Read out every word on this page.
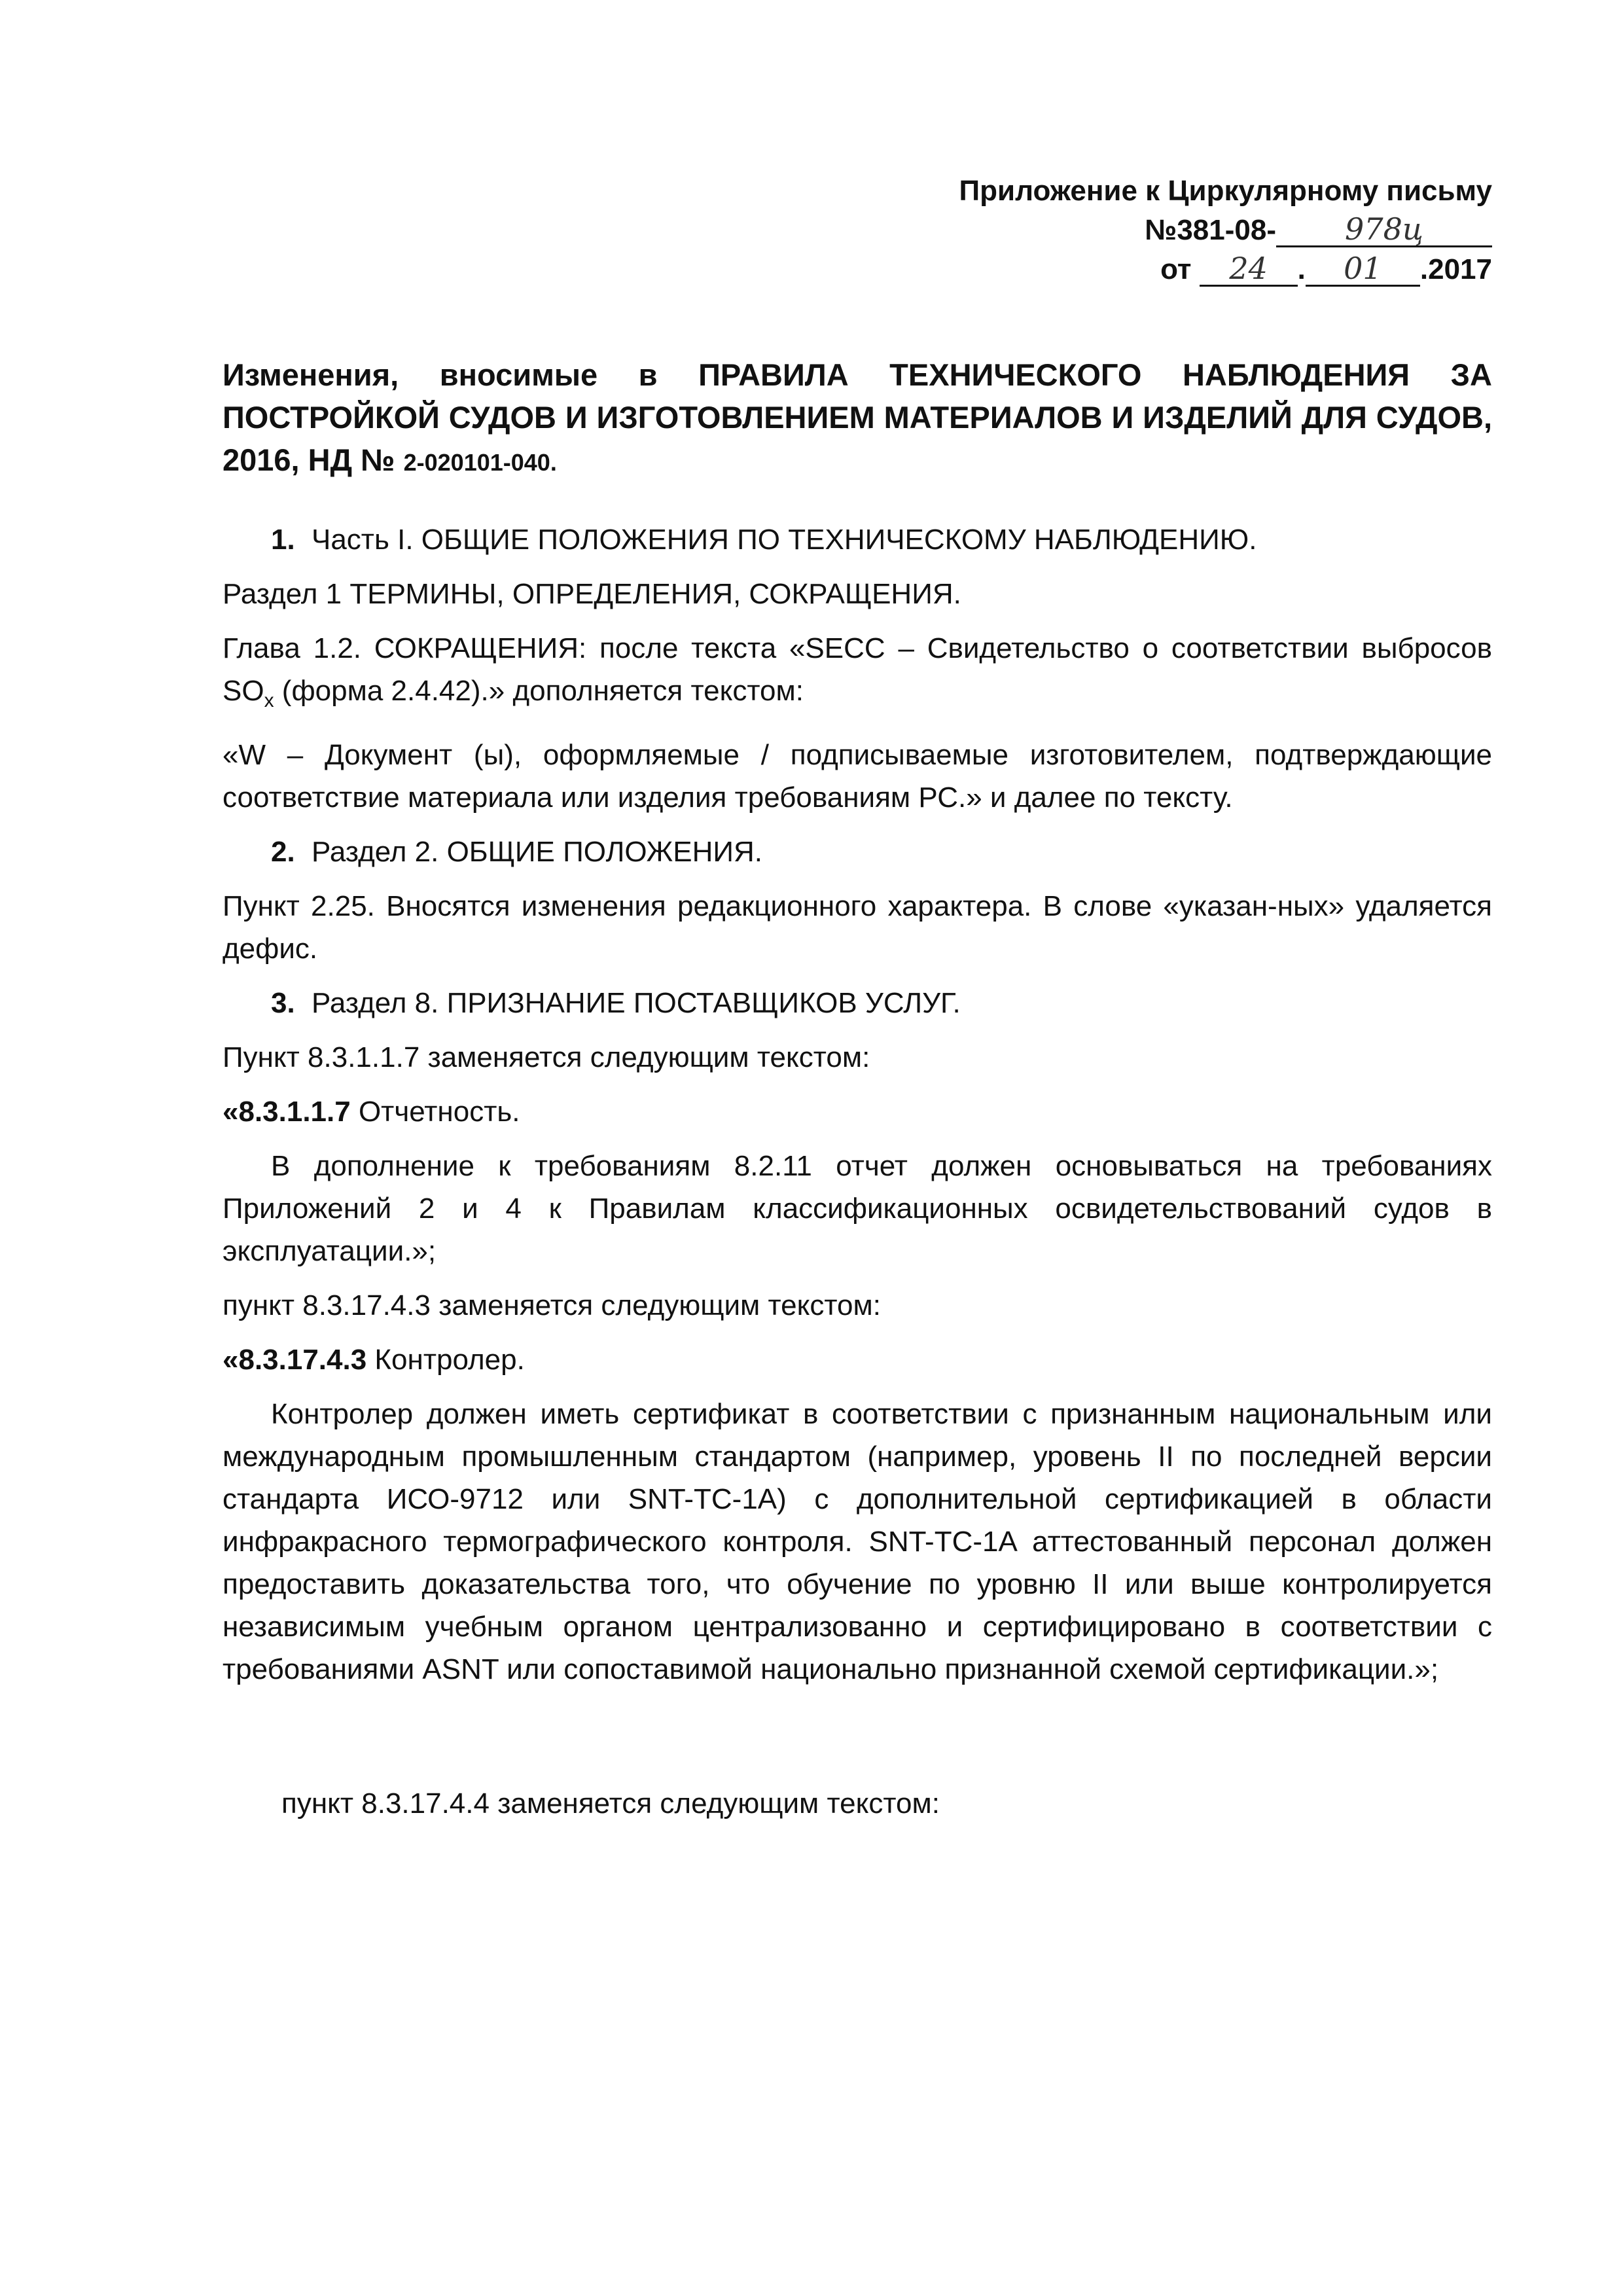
Приложение к Циркулярному письму
№381-08- 978ц
от 24 . 01 .2017

Изменения, вносимые в ПРАВИЛА ТЕХНИЧЕСКОГО НАБЛЮДЕНИЯ ЗА ПОСТРОЙКОЙ СУДОВ И ИЗГОТОВЛЕНИЕМ МАТЕРИАЛОВ И ИЗДЕЛИЙ ДЛЯ СУДОВ, 2016, НД № 2-020101-040.

1. Часть I. ОБЩИЕ ПОЛОЖЕНИЯ ПО ТЕХНИЧЕСКОМУ НАБЛЮДЕНИЮ.

Раздел 1 ТЕРМИНЫ, ОПРЕДЕЛЕНИЯ, СОКРАЩЕНИЯ.

Глава 1.2. СОКРАЩЕНИЯ: после текста «SECC – Свидетельство о соответствии выбросов $SO_x$ (форма 2.4.42).» дополняется текстом:

«W – Документ (ы), оформляемые / подписываемые изготовителем, подтверждающие соответствие материала или изделия требованиям РС.» и далее по тексту.

2. Раздел 2. ОБЩИЕ ПОЛОЖЕНИЯ.

Пункт 2.25. Вносятся изменения редакционного характера. В слове «указан-ных» удаляется дефис.

3. Раздел 8. ПРИЗНАНИЕ ПОСТАВЩИКОВ УСЛУГ.

Пункт 8.3.1.1.7 заменяется следующим текстом:

«8.3.1.1.7 Отчетность.

В дополнение к требованиям 8.2.11 отчет должен основываться на требованиях Приложений 2 и 4 к Правилам классификационных освидетельствований судов в эксплуатации.»;

пункт 8.3.17.4.3 заменяется следующим текстом:

«8.3.17.4.3 Контролер.

Контролер должен иметь сертификат в соответствии с признанным национальным или международным промышленным стандартом (например, уровень II по последней версии стандарта ИСО-9712 или SNT-TC-1A) с дополнительной сертификацией в области инфракрасного термографического контроля. SNT-TC-1A аттестованный персонал должен предоставить доказательства того, что обучение по уровню II или выше контролируется независимым учебным органом централизованно и сертифицировано в соответствии с требованиями ASNT или сопоставимой национально признанной схемой сертификации.»;

пункт 8.3.17.4.4 заменяется следующим текстом:
